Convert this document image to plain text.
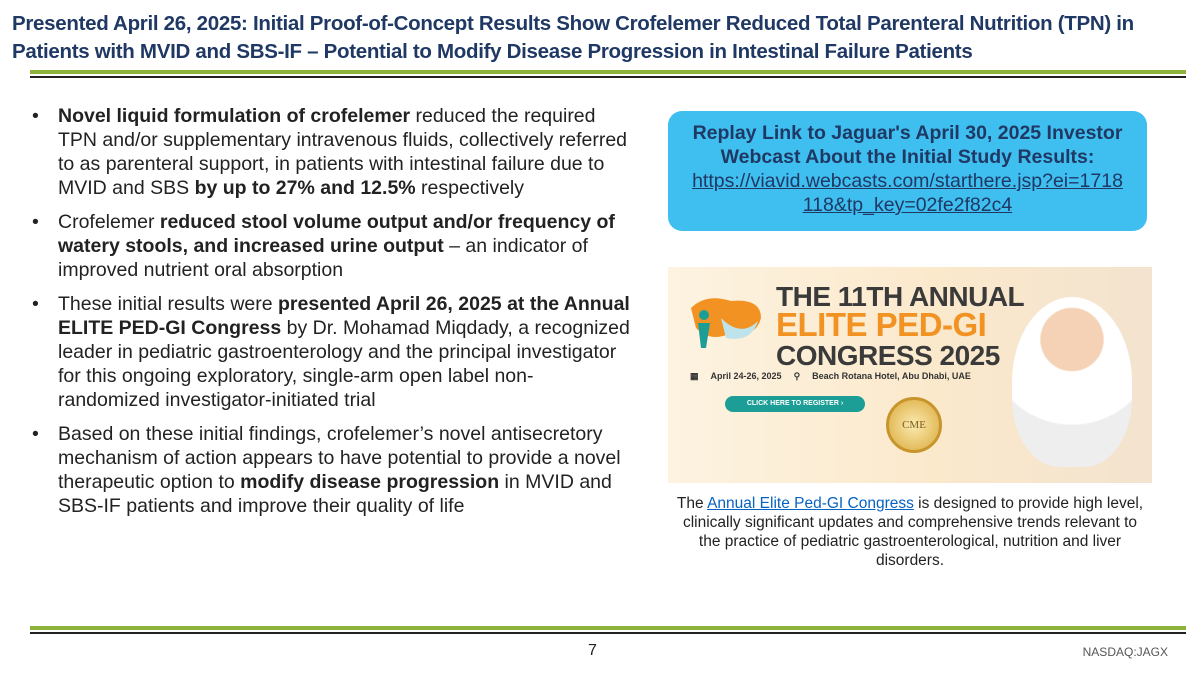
Presented April 26, 2025: Initial Proof-of-Concept Results Show Crofelemer Reduced Total Parenteral Nutrition (TPN) in Patients with MVID and SBS-IF – Potential to Modify Disease Progression in Intestinal Failure Patients
• Novel liquid formulation of crofelemer reduced the required TPN and/or supplementary intravenous fluids, collectively referred to as parenteral support, in patients with intestinal failure due to MVID and SBS by up to 27% and 12.5% respectively
• Crofelemer reduced stool volume output and/or frequency of watery stools, and increased urine output – an indicator of improved nutrient oral absorption
• These initial results were presented April 26, 2025 at the Annual ELITE PED-GI Congress by Dr. Mohamad Miqdady, a recognized leader in pediatric gastroenterology and the principal investigator for this ongoing exploratory, single-arm open label non-randomized investigator-initiated trial
• Based on these initial findings, crofelemer’s novel antisecretory mechanism of action appears to have potential to provide a novel therapeutic option to modify disease progression in MVID and SBS-IF patients and improve their quality of life
Replay Link to Jaguar's April 30, 2025 Investor Webcast About the Initial Study Results:
https://viavid.webcasts.com/starthere.jsp?ei=1718118&tp_key=02fe2f82c4
THE 11TH ANNUAL
ELITE PED-GI
CONGRESS 2025
▦ April 24-26, 2025 ⚲ Beach Rotana Hotel, Abu Dhabi, UAE
CLICK HERE TO REGISTER ›
CME
The Annual Elite Ped-GI Congress is designed to provide high level, clinically significant updates and comprehensive trends relevant to the practice of pediatric gastroenterological, nutrition and liver disorders.
7	NASDAQ:JAGX
